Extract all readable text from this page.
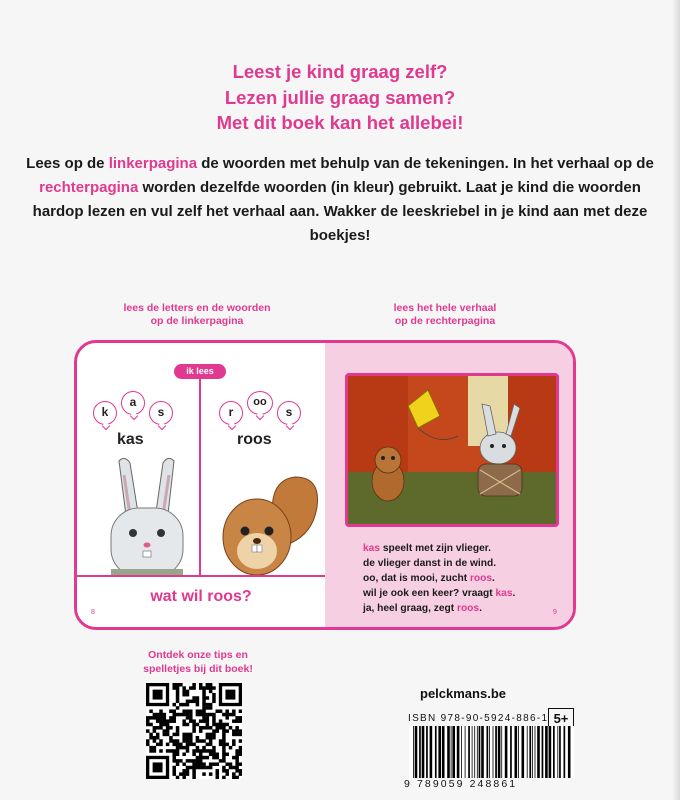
Leest je kind graag zelf?
Lezen jullie graag samen?
Met dit boek kan het allebei!
Lees op de linkerpagina de woorden met behulp van de tekeningen. In het verhaal op de rechterpagina worden dezelfde woorden (in kleur) gebruikt. Laat je kind die woorden hardop lezen en vul zelf het verhaal aan. Wakker de leeskriebel in je kind aan met deze boekjes!
lees de letters en de woorden
op de linkerpagina
lees het hele verhaal
op de rechterpagina
ik lees
k
a
s
kas
r
oo
s
roos
wat wil roos?
8	9

kas speelt met zijn vlieger.

de vlieger danst in de wind.

oo, dat is mooi, zucht roos.

wil je ook een keer? vraagt kas.

ja, heel graag, zegt roos.

Ontdek onze tips en
spelletjes bij dit boek!
pelckmans.be
ISBN 978-90-5924-886-1 5+
9 789059 248861
